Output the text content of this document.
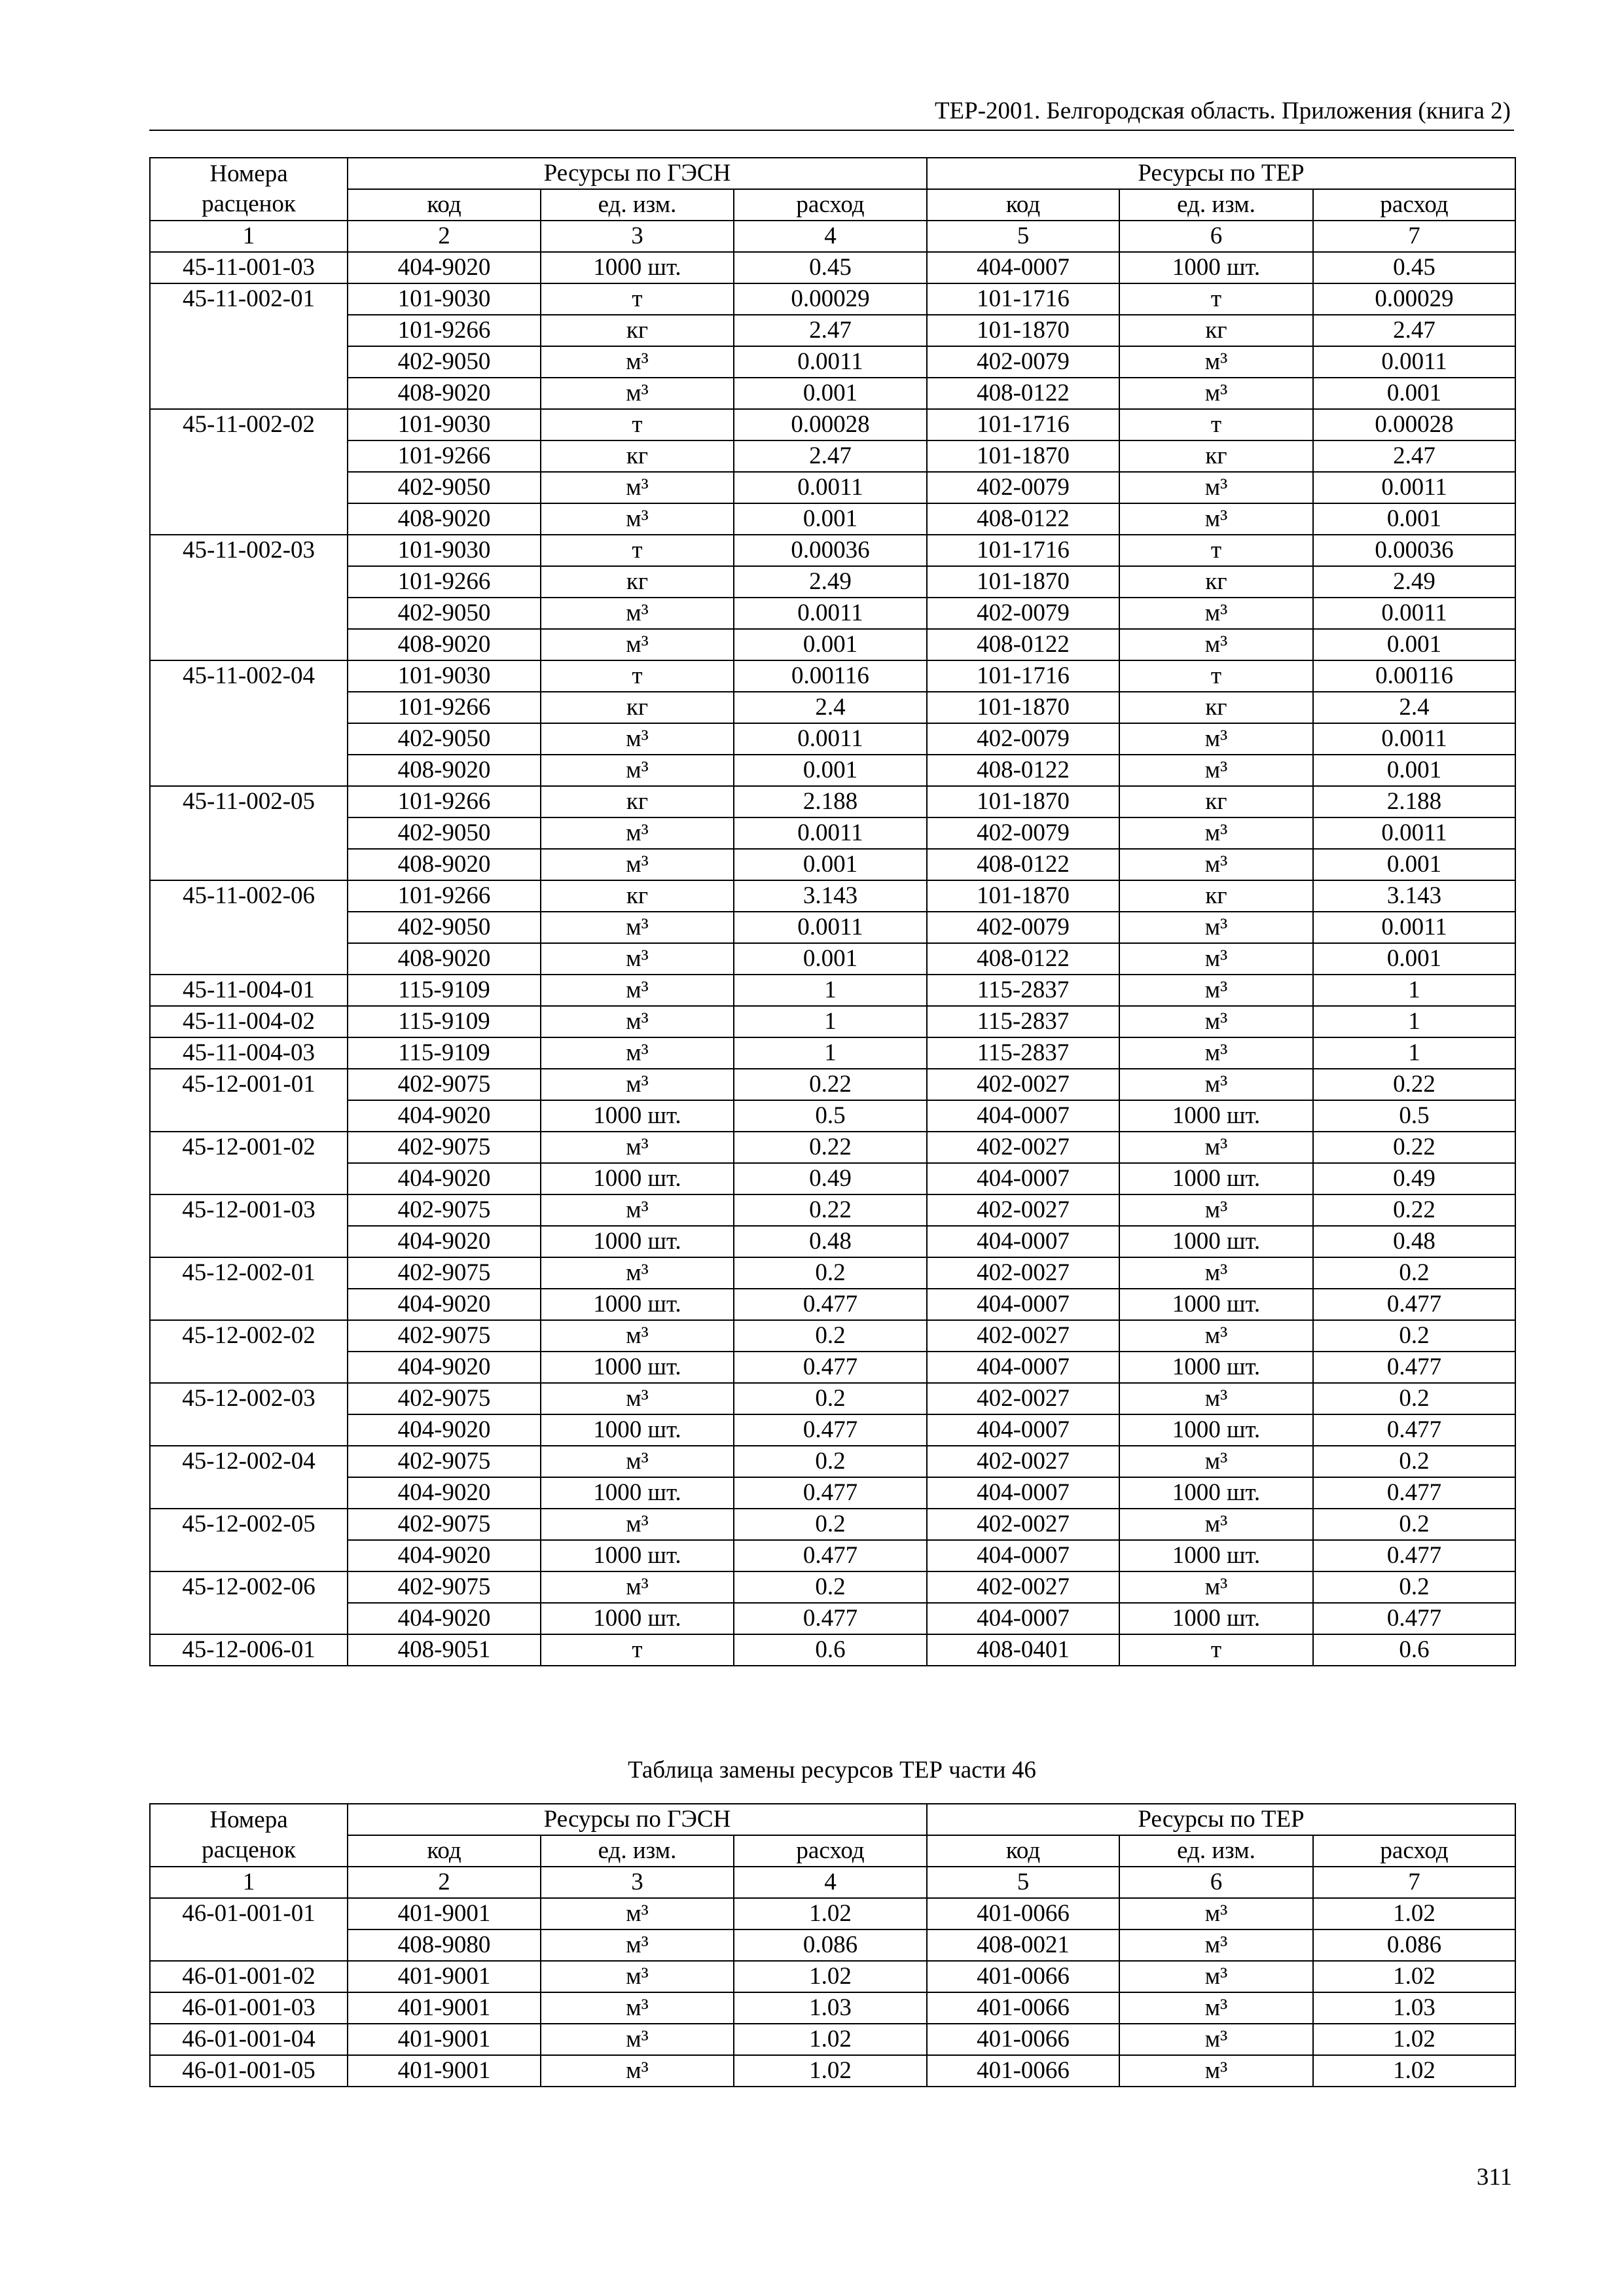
ТЕР-2001. Белгородская область. Приложения (книга 2)
Номера
расценок	Ресурсы по ГЭСН			Ресурсы по ТЕР		
	код	ед. изм.	расход	код	ед. изм.	расход
1	2	3	4	5	6	7
45-11-001-03	404-9020	1000 шт.	0.45	404-0007	1000 шт.	0.45
45-11-002-01	101-9030	т	0.00029	101-1716	т	0.00029
	101-9266	кг	2.47	101-1870	кг	2.47
	402-9050	м³	0.0011	402-0079	м³	0.0011
	408-9020	м³	0.001	408-0122	м³	0.001
45-11-002-02	101-9030	т	0.00028	101-1716	т	0.00028
	101-9266	кг	2.47	101-1870	кг	2.47
	402-9050	м³	0.0011	402-0079	м³	0.0011
	408-9020	м³	0.001	408-0122	м³	0.001
45-11-002-03	101-9030	т	0.00036	101-1716	т	0.00036
	101-9266	кг	2.49	101-1870	кг	2.49
	402-9050	м³	0.0011	402-0079	м³	0.0011
	408-9020	м³	0.001	408-0122	м³	0.001
45-11-002-04	101-9030	т	0.00116	101-1716	т	0.00116
	101-9266	кг	2.4	101-1870	кг	2.4
	402-9050	м³	0.0011	402-0079	м³	0.0011
	408-9020	м³	0.001	408-0122	м³	0.001
45-11-002-05	101-9266	кг	2.188	101-1870	кг	2.188
	402-9050	м³	0.0011	402-0079	м³	0.0011
	408-9020	м³	0.001	408-0122	м³	0.001
45-11-002-06	101-9266	кг	3.143	101-1870	кг	3.143
	402-9050	м³	0.0011	402-0079	м³	0.0011
	408-9020	м³	0.001	408-0122	м³	0.001
45-11-004-01	115-9109	м³	1	115-2837	м³	1
45-11-004-02	115-9109	м³	1	115-2837	м³	1
45-11-004-03	115-9109	м³	1	115-2837	м³	1
45-12-001-01	402-9075	м³	0.22	402-0027	м³	0.22
	404-9020	1000 шт.	0.5	404-0007	1000 шт.	0.5
45-12-001-02	402-9075	м³	0.22	402-0027	м³	0.22
	404-9020	1000 шт.	0.49	404-0007	1000 шт.	0.49
45-12-001-03	402-9075	м³	0.22	402-0027	м³	0.22
	404-9020	1000 шт.	0.48	404-0007	1000 шт.	0.48
45-12-002-01	402-9075	м³	0.2	402-0027	м³	0.2
	404-9020	1000 шт.	0.477	404-0007	1000 шт.	0.477
45-12-002-02	402-9075	м³	0.2	402-0027	м³	0.2
	404-9020	1000 шт.	0.477	404-0007	1000 шт.	0.477
45-12-002-03	402-9075	м³	0.2	402-0027	м³	0.2
	404-9020	1000 шт.	0.477	404-0007	1000 шт.	0.477
45-12-002-04	402-9075	м³	0.2	402-0027	м³	0.2
	404-9020	1000 шт.	0.477	404-0007	1000 шт.	0.477
45-12-002-05	402-9075	м³	0.2	402-0027	м³	0.2
	404-9020	1000 шт.	0.477	404-0007	1000 шт.	0.477
45-12-002-06	402-9075	м³	0.2	402-0027	м³	0.2
	404-9020	1000 шт.	0.477	404-0007	1000 шт.	0.477
45-12-006-01	408-9051	т	0.6	408-0401	т	0.6
Таблица замены ресурсов ТЕР части 46
Номера
расценок	Ресурсы по ГЭСН			Ресурсы по ТЕР		
	код	ед. изм.	расход	код	ед. изм.	расход
1	2	3	4	5	6	7
46-01-001-01	401-9001	м³	1.02	401-0066	м³	1.02
	408-9080	м³	0.086	408-0021	м³	0.086
46-01-001-02	401-9001	м³	1.02	401-0066	м³	1.02
46-01-001-03	401-9001	м³	1.03	401-0066	м³	1.03
46-01-001-04	401-9001	м³	1.02	401-0066	м³	1.02
46-01-001-05	401-9001	м³	1.02	401-0066	м³	1.02
311
